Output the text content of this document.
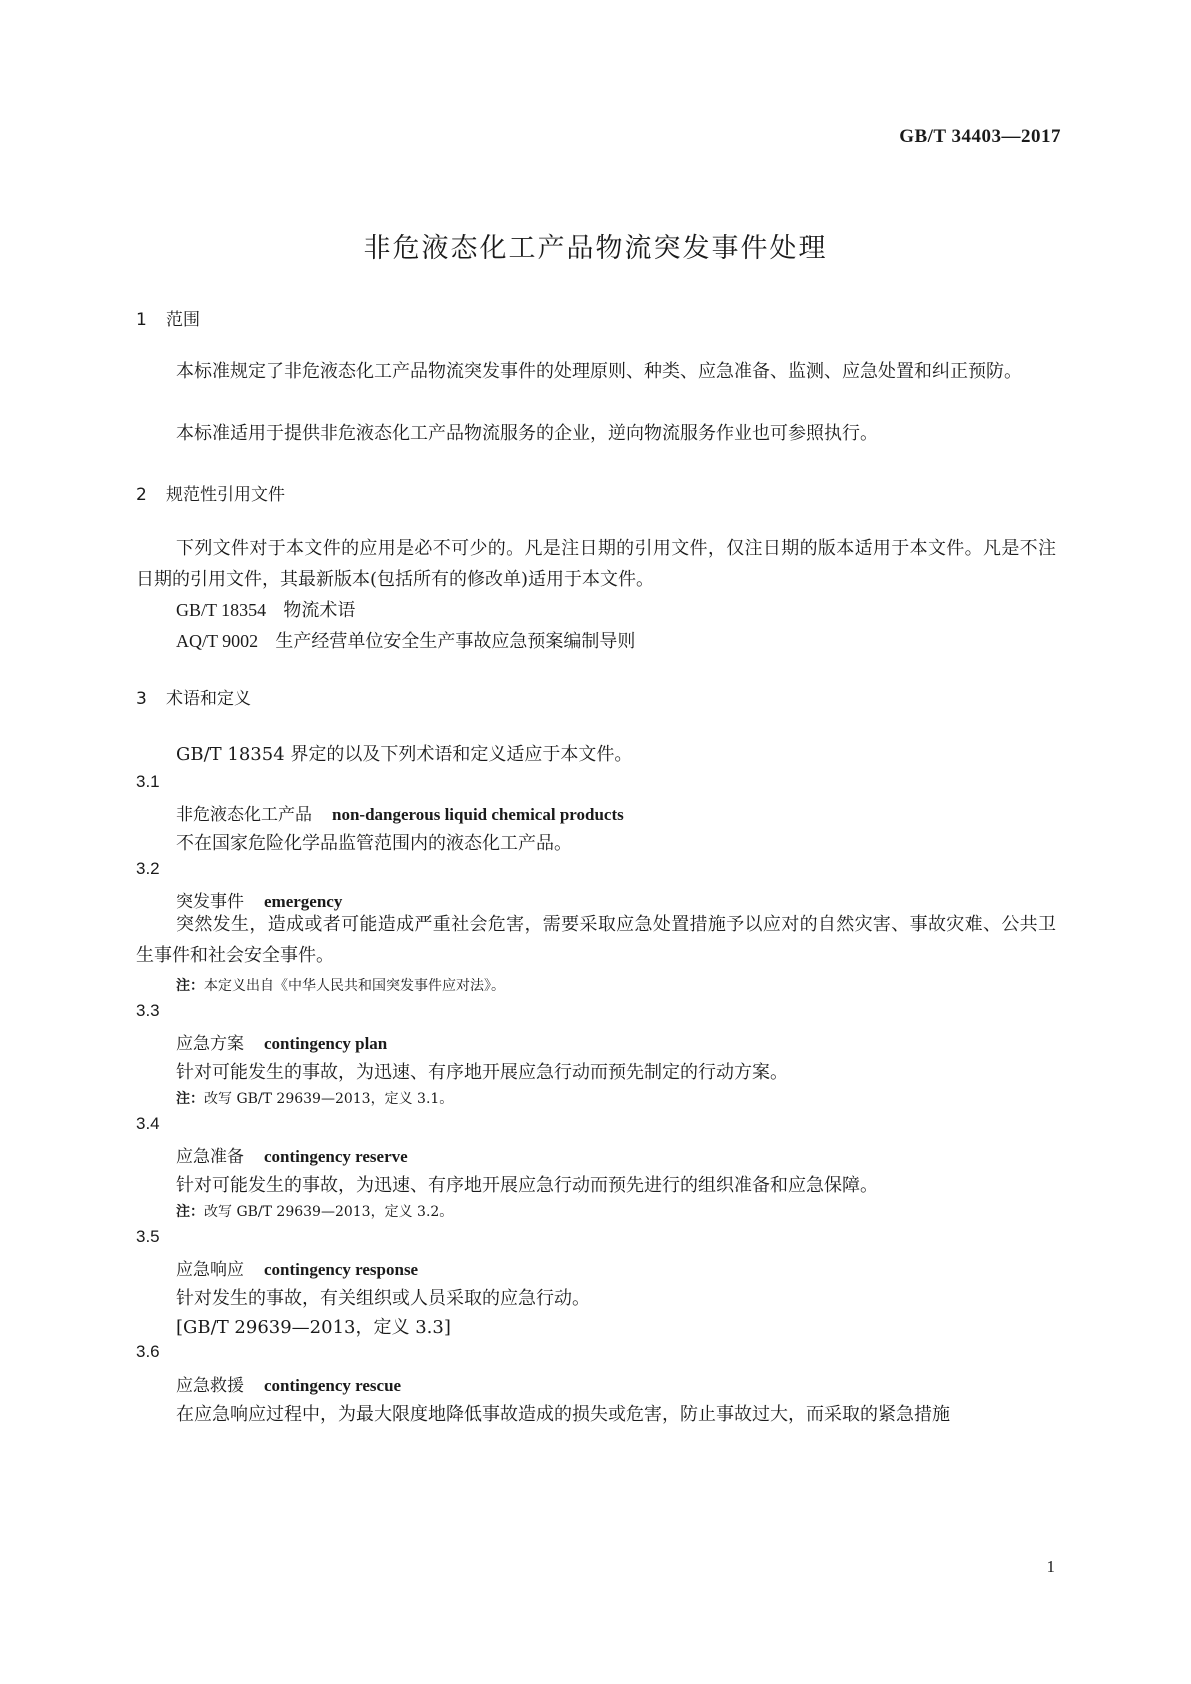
GB/T 34403—2017
非危液态化工产品物流突发事件处理
1 范围
本标准规定了非危液态化工产品物流突发事件的处理原则、种类、应急准备、监测、应急处置和纠正预防。
本标准适用于提供非危液态化工产品物流服务的企业，逆向物流服务作业也可参照执行。
2 规范性引用文件
下列文件对于本文件的应用是必不可少的。凡是注日期的引用文件，仅注日期的版本适用于本文件。凡是不注日期的引用文件，其最新版本(包括所有的修改单)适用于本文件。
GB/T 18354 物流术语
AQ/T 9002 生产经营单位安全生产事故应急预案编制导则
3 术语和定义
GB/T 18354 界定的以及下列术语和定义适应于本文件。
3.1
非危液态化工产品 non-dangerous liquid chemical products
不在国家危险化学品监管范围内的液态化工产品。
3.2
突发事件 emergency
突然发生，造成或者可能造成严重社会危害，需要采取应急处置措施予以应对的自然灾害、事故灾难、公共卫生事件和社会安全事件。
注：本定义出自《中华人民共和国突发事件应对法》。
3.3
应急方案 contingency plan
针对可能发生的事故，为迅速、有序地开展应急行动而预先制定的行动方案。
注：改写 GB/T 29639—2013，定义 3.1。
3.4
应急准备 contingency reserve
针对可能发生的事故，为迅速、有序地开展应急行动而预先进行的组织准备和应急保障。
注：改写 GB/T 29639—2013，定义 3.2。
3.5
应急响应 contingency response
针对发生的事故，有关组织或人员采取的应急行动。
[GB/T 29639—2013，定义 3.3]
3.6
应急救援 contingency rescue
在应急响应过程中，为最大限度地降低事故造成的损失或危害，防止事故过大，而采取的紧急措施
1
